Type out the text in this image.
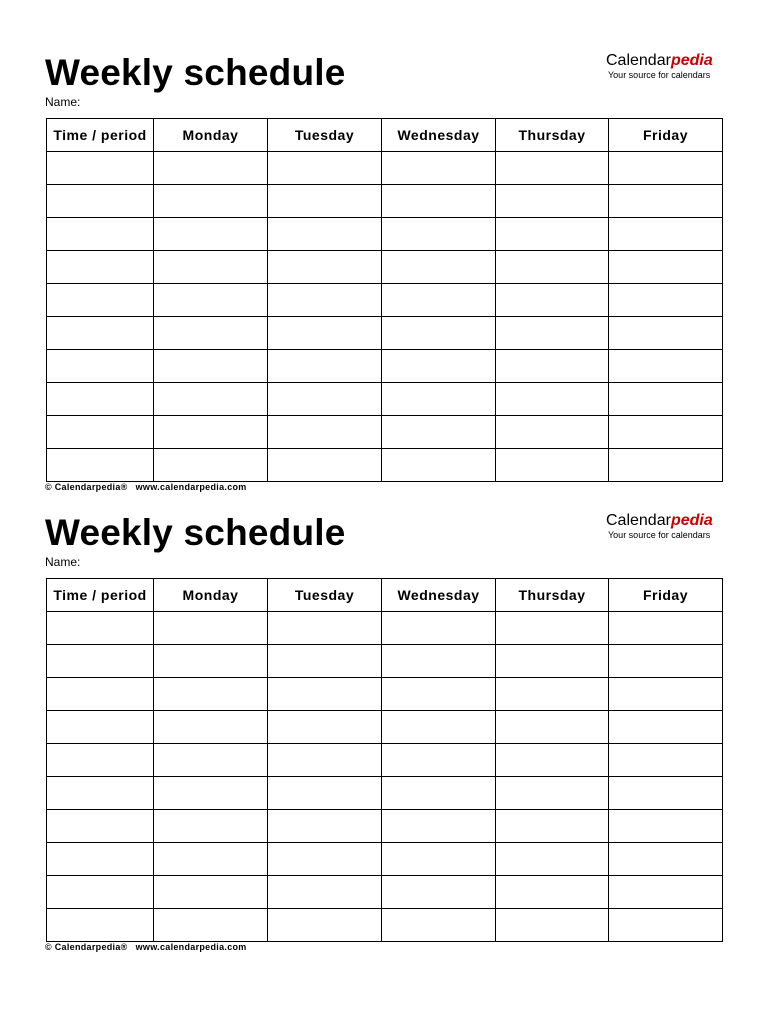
Weekly schedule
Name:
Calendarpedia
Your source for calendars
Time / period	Monday	Tuesday	Wednesday	Thursday	Friday

© Calendarpedia® www.calendarpedia.com
Weekly schedule
Name:
Calendarpedia
Your source for calendars
Time / period	Monday	Tuesday	Wednesday	Thursday	Friday

© Calendarpedia® www.calendarpedia.com
